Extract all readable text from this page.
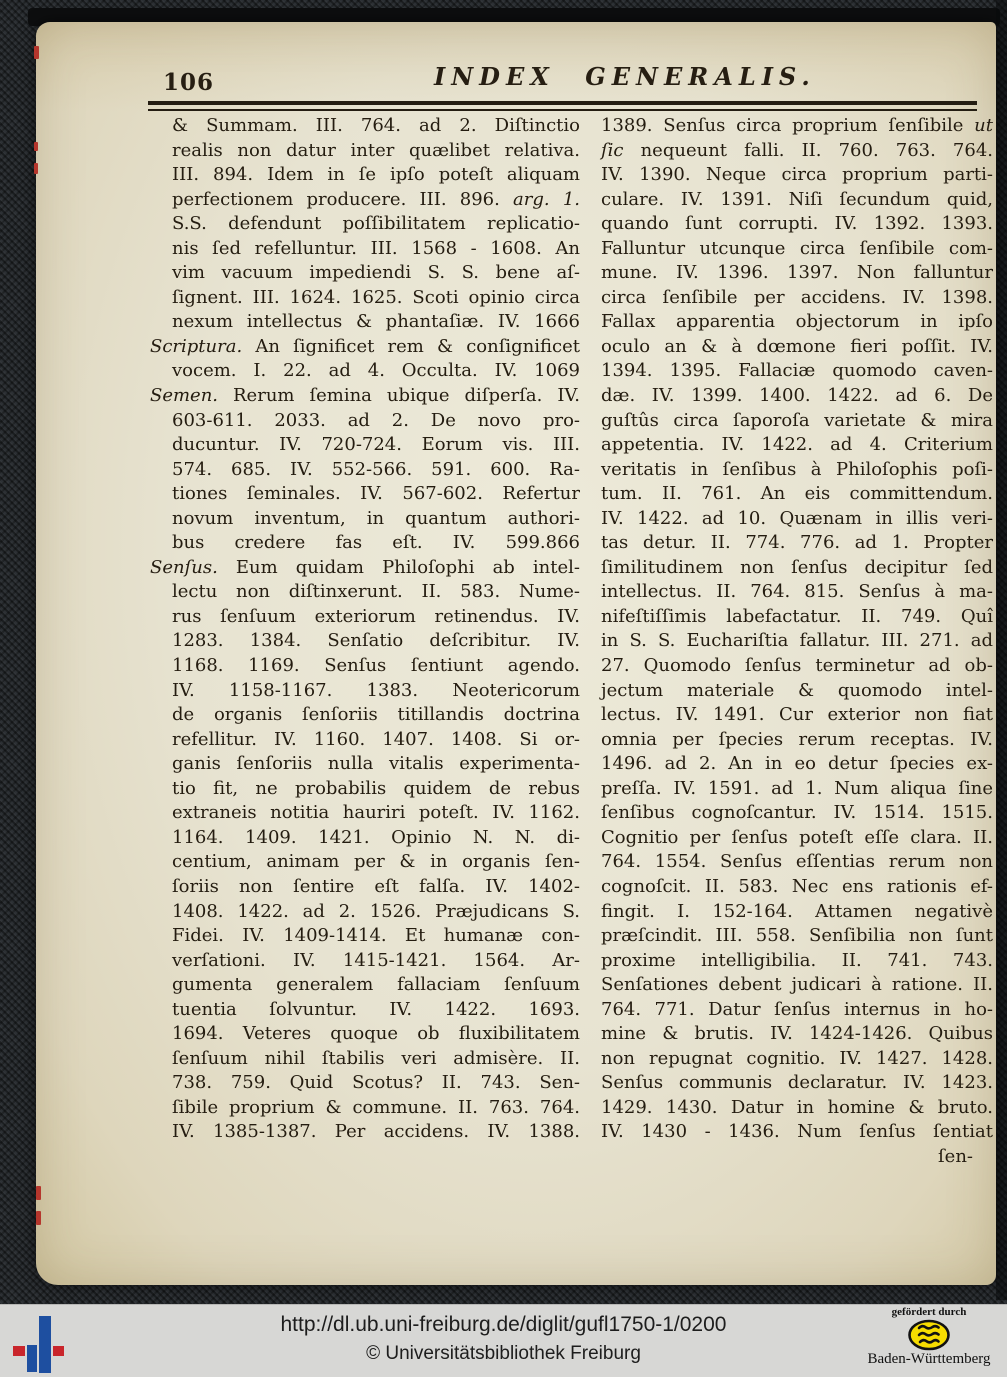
106	INDEX GENERALIS.
& Summam. III. 764. ad 2. Diſtinctio
realis non datur inter quælibet relativa.
III. 894. Idem in ſe ipſo poteſt aliquam
perfectionem producere. III. 896. arg. 1.
S.S. defendunt poſſibilitatem replicatio-
nis ſed refelluntur. III. 1568 - 1608. An
vim vacuum impediendi S. S. bene aſ-
ſignent. III. 1624. 1625. Scoti opinio circa
nexum intellectus & phantaſiæ. IV. 1666
Scriptura. An ſignificet rem & conſignificet
vocem. I. 22. ad 4. Occulta. IV. 1069
Semen. Rerum ſemina ubique diſperſa. IV.
603-611. 2033. ad 2. De novo pro-
ducuntur. IV. 720-724. Eorum vis. III.
574. 685. IV. 552-566. 591. 600. Ra-
tiones ſeminales. IV. 567-602. Refertur
novum inventum, in quantum authori-
bus credere fas eſt. IV. 599.866
Senſus. Eum quidam Philoſophi ab intel-
lectu non diſtinxerunt. II. 583. Nume-
rus ſenſuum exteriorum retinendus. IV.
1283. 1384. Senſatio deſcribitur. IV.
1168. 1169. Senſus ſentiunt agendo.
IV. 1158-1167. 1383. Neotericorum
de organis ſenſoriis titillandis doctrina
refellitur. IV. 1160. 1407. 1408. Si or-
ganis ſenſoriis nulla vitalis experimenta-
tio fit, ne probabilis quidem de rebus
extraneis notitia hauriri poteſt. IV. 1162.
1164. 1409. 1421. Opinio N. N. di-
centium, animam per & in organis ſen-
ſoriis non ſentire eſt falſa. IV. 1402-
1408. 1422. ad 2. 1526. Præjudicans S.
Fidei. IV. 1409-1414. Et humanæ con-
verſationi. IV. 1415-1421. 1564. Ar-
gumenta generalem fallaciam ſenſuum
tuentia ſolvuntur. IV. 1422. 1693.
1694. Veteres quoque ob fluxibilitatem
ſenſuum nihil ſtabilis veri admisère. II.
738. 759. Quid Scotus? II. 743. Sen-
ſibile proprium & commune. II. 763. 764.
IV. 1385-1387. Per accidens. IV. 1388.
1389. Senſus circa proprium ſenſibile ut
ſic nequeunt falli. II. 760. 763. 764.
IV. 1390. Neque circa proprium parti-
culare. IV. 1391. Niſi ſecundum quid,
quando ſunt corrupti. IV. 1392. 1393.
Falluntur utcunque circa ſenſibile com-
mune. IV. 1396. 1397. Non falluntur
circa ſenſibile per accidens. IV. 1398.
Fallax apparentia objectorum in ipſo
oculo an & à dœmone fieri poſſit. IV.
1394. 1395. Fallaciæ quomodo caven-
dæ. IV. 1399. 1400. 1422. ad 6. De
guſtûs circa ſaporoſa varietate & mira
appetentia. IV. 1422. ad 4. Criterium
veritatis in ſenſibus à Philoſophis poſi-
tum. II. 761. An eis committendum.
IV. 1422. ad 10. Quænam in illis veri-
tas detur. II. 774. 776. ad 1. Propter
ſimilitudinem non ſenſus decipitur ſed
intellectus. II. 764. 815. Senſus à ma-
nifeſtiſſimis labefactatur. II. 749. Quî
in S. S. Euchariſtia fallatur. III. 271. ad
27. Quomodo ſenſus terminetur ad ob-
jectum materiale & quomodo intel-
lectus. IV. 1491. Cur exterior non fiat
omnia per ſpecies rerum receptas. IV.
1496. ad 2. An in eo detur ſpecies ex-
preſſa. IV. 1591. ad 1. Num aliqua ſine
ſenſibus cognoſcantur. IV. 1514. 1515.
Cognitio per ſenſus poteſt eſſe clara. II.
764. 1554. Senſus eſſentias rerum non
cognoſcit. II. 583. Nec ens rationis ef-
fingit. I. 152-164. Attamen negativè
præſcindit. III. 558. Senſibilia non ſunt
proxime intelligibilia. II. 741. 743.
Senſationes debent judicari à ratione. II.
764. 771. Datur ſenſus internus in ho-
mine & brutis. IV. 1424-1426. Quibus
non repugnat cognitio. IV. 1427. 1428.
Senſus communis declaratur. IV. 1423.
1429. 1430. Datur in homine & bruto.
IV. 1430 - 1436. Num ſenſus ſentiat
ſen-
http://dl.ub.uni-freiburg.de/diglit/gufl1750-1/0200
© Universitätsbibliothek Freiburg
gefördert durch
Baden-Württemberg
